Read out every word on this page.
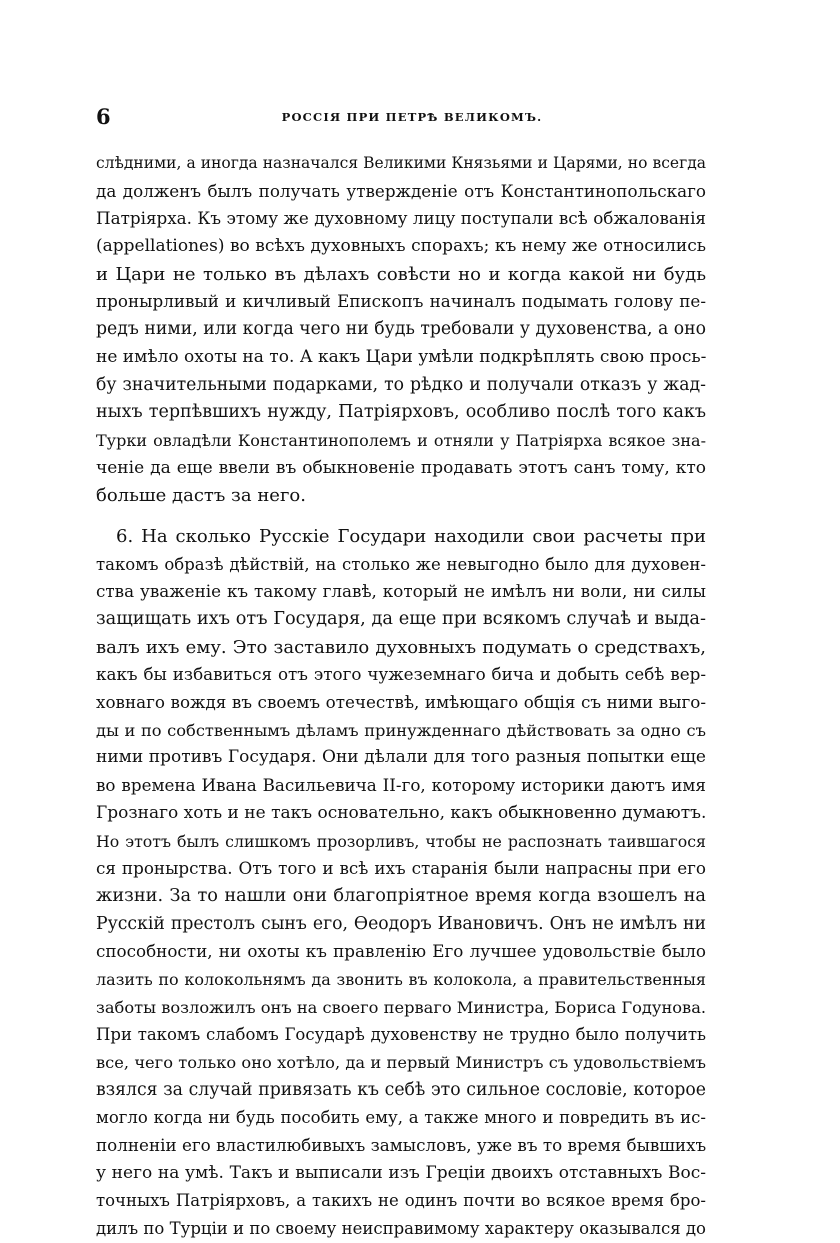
6	РОССІЯ ПРИ ПЕТРѢ ВЕЛИКОМЪ.
слѣдними, а иногда назначался Великими Князьями и Царями, но всегда
да долженъ былъ получать утвержденіе отъ Константинопольскаго
Патріярха. Къ этому же духовному лицу поступали всѣ обжалованія
(appellationes) во всѣхъ духовныхъ спорахъ; къ нему же относились
и Цари не только въ дѣлахъ совѣсти но и когда какой ни будь
пронырливый и кичливый Епископъ начиналъ подымать голову пе-
редъ ними, или когда чего ни будь требовали у духовенства, а оно
не имѣло охоты на то. А какъ Цари умѣли подкрѣплять свою прось-
бу значительными подарками, то рѣдко и получали отказъ у жад-
ныхъ терпѣвшихъ нужду, Патріярховъ, особливо послѣ того какъ
Турки овладѣли Константинополемъ и отняли у Патріярха всякое зна-
ченіе да еще ввели въ обыкновеніе продавать этотъ санъ тому, кто
больше дастъ за него.
6. На сколько Русскіе Государи находили свои расчеты при
такомъ образѣ дѣйствій, на столько же невыгодно было для духовен-
ства уваженіе къ такому главѣ, который не имѣлъ ни воли, ни силы
защищать ихъ отъ Государя, да еще при всякомъ случаѣ и выда-
валъ ихъ ему. Это заставило духовныхъ подумать о средствахъ,
какъ бы избавиться отъ этого чужеземнаго бича и добыть себѣ вер-
ховнаго вождя въ своемъ отечествѣ, имѣющаго общія съ ними выго-
ды и по собственнымъ дѣламъ принужденнаго дѣйствовать за одно съ
ними противъ Государя. Они дѣлали для того разныя попытки еще
во времена Ивана Васильевича II-го, которому историки даютъ имя
Грознаго хоть и не такъ основательно, какъ обыкновенно думаютъ.
Но этотъ былъ слишкомъ прозорливъ, чтобы не распознать таившагося
ся пронырства. Отъ того и всѣ ихъ старанія были напрасны при его
жизни. За то нашли они благопріятное время когда взошелъ на
Русскій престолъ сынъ его, Ѳеодоръ Ивановичъ. Онъ не имѣлъ ни
способности, ни охоты къ правленію Его лучшее удовольствіе было
лазить по колокольнямъ да звонить въ колокола, а правительственныя
заботы возложилъ онъ на своего перваго Министра, Бориса Годунова.
При такомъ слабомъ Государѣ духовенству не трудно было получить
все, чего только оно хотѣло, да и первый Министръ съ удовольствіемъ
взялся за случай привязать къ себѣ это сильное сословіе, которое
могло когда ни будь пособить ему, а также много и повредить въ ис-
полненіи его властилюбивыхъ замысловъ, уже въ то время бывшихъ
у него на умѣ. Такъ и выписали изъ Греціи двоихъ отставныхъ Вос-
точныхъ Патріярховъ, а такихъ не одинъ почти во всякое время бро-
дилъ по Турціи и по своему неисправимому характеру оказывался до
